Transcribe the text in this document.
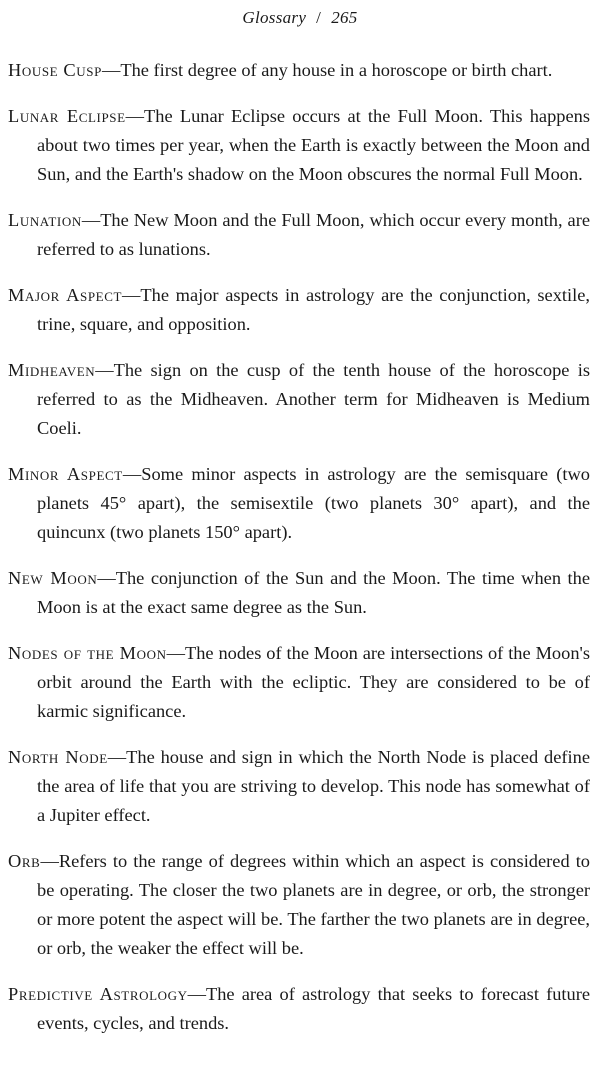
Glossary / 265

House Cusp—The first degree of any house in a horoscope or birth chart.

Lunar Eclipse—The Lunar Eclipse occurs at the Full Moon. This happens about two times per year, when the Earth is exactly between the Moon and Sun, and the Earth's shadow on the Moon obscures the normal Full Moon.

Lunation—The New Moon and the Full Moon, which occur every month, are referred to as lunations.

Major Aspect—The major aspects in astrology are the conjunction, sextile, trine, square, and opposition.

Midheaven—The sign on the cusp of the tenth house of the horoscope is referred to as the Midheaven. Another term for Midheaven is Medium Coeli.

Minor Aspect—Some minor aspects in astrology are the semisquare (two planets 45° apart), the semisextile (two planets 30° apart), and the quincunx (two planets 150° apart).

New Moon—The conjunction of the Sun and the Moon. The time when the Moon is at the exact same degree as the Sun.

Nodes of the Moon—The nodes of the Moon are intersections of the Moon's orbit around the Earth with the ecliptic. They are considered to be of karmic significance.

North Node—The house and sign in which the North Node is placed define the area of life that you are striving to develop. This node has somewhat of a Jupiter effect.

Orb—Refers to the range of degrees within which an aspect is considered to be operating. The closer the two planets are in degree, or orb, the stronger or more potent the aspect will be. The farther the two planets are in degree, or orb, the weaker the effect will be.

Predictive Astrology—The area of astrology that seeks to forecast future events, cycles, and trends.
